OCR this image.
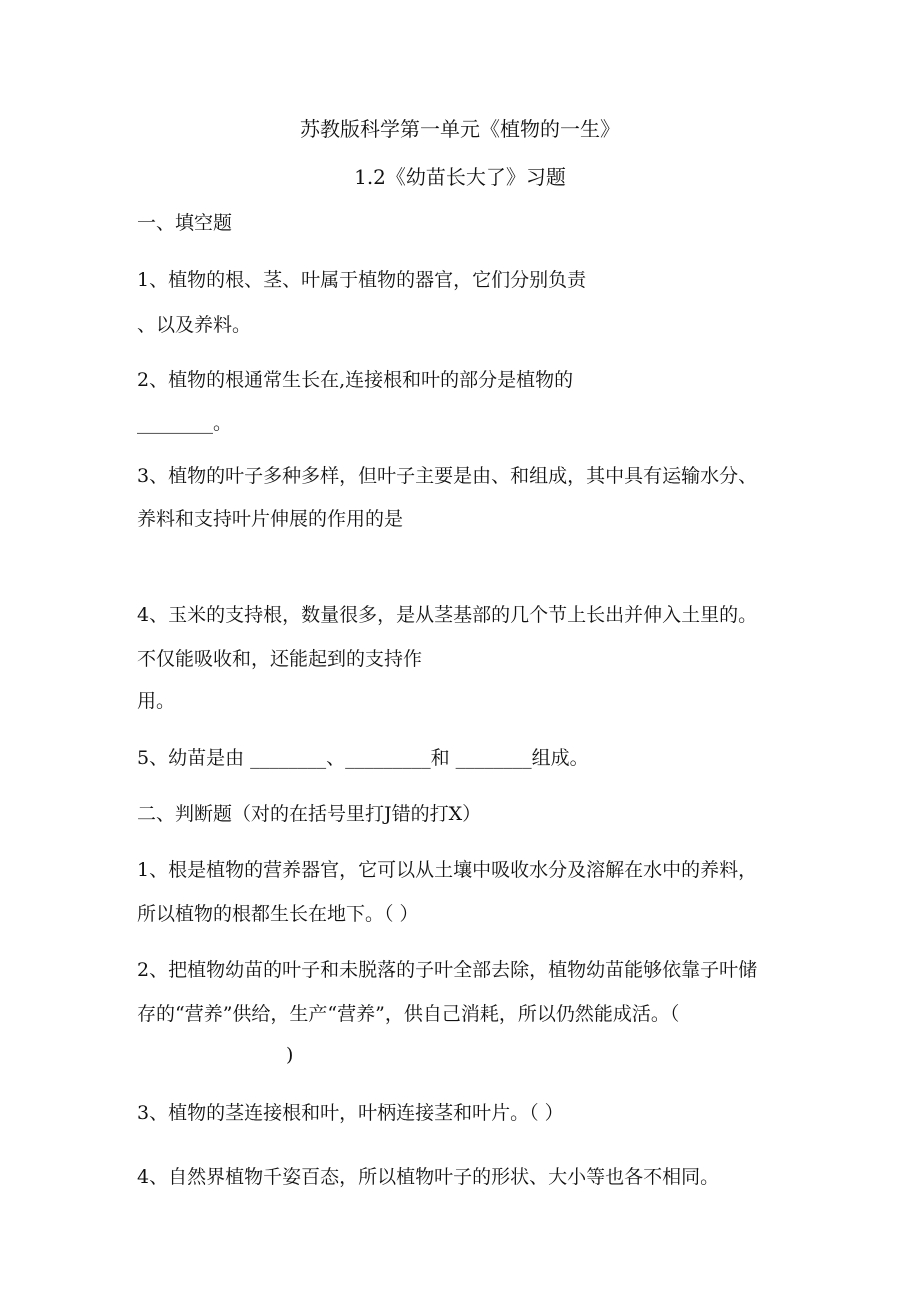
苏教版科学第一单元《植物的一生》
1.2《幼苗长大了》习题
一、填空题
1、植物的根、茎、叶属于植物的器官，它们分别负责
、以及养料。
2、植物的根通常生长在,连接根和叶的部分是植物的
________。
3、植物的叶子多种多样，但叶子主要是由、和组成，其中具有运输水分、
养料和支持叶片伸展的作用的是
4、玉米的支持根，数量很多，是从茎基部的几个节上长出并伸入土里的。
不仅能吸收和，还能起到的支持作
用。
5、幼苗是由 ________、_________和 ________组成。
二、判断题（对的在括号里打J错的打X）
1、根是植物的营养器官，它可以从土壤中吸收水分及溶解在水中的养料，
所以植物的根都生长在地下。（ ）
2、把植物幼苗的叶子和未脱落的子叶全部去除，植物幼苗能够依靠子叶储
存的“营养”供给，生产“营养”，供自己消耗，所以仍然能成活。（
)
3、植物的茎连接根和叶，叶柄连接茎和叶片。（ ）
4、自然界植物千姿百态，所以植物叶子的形状、大小等也各不相同。
